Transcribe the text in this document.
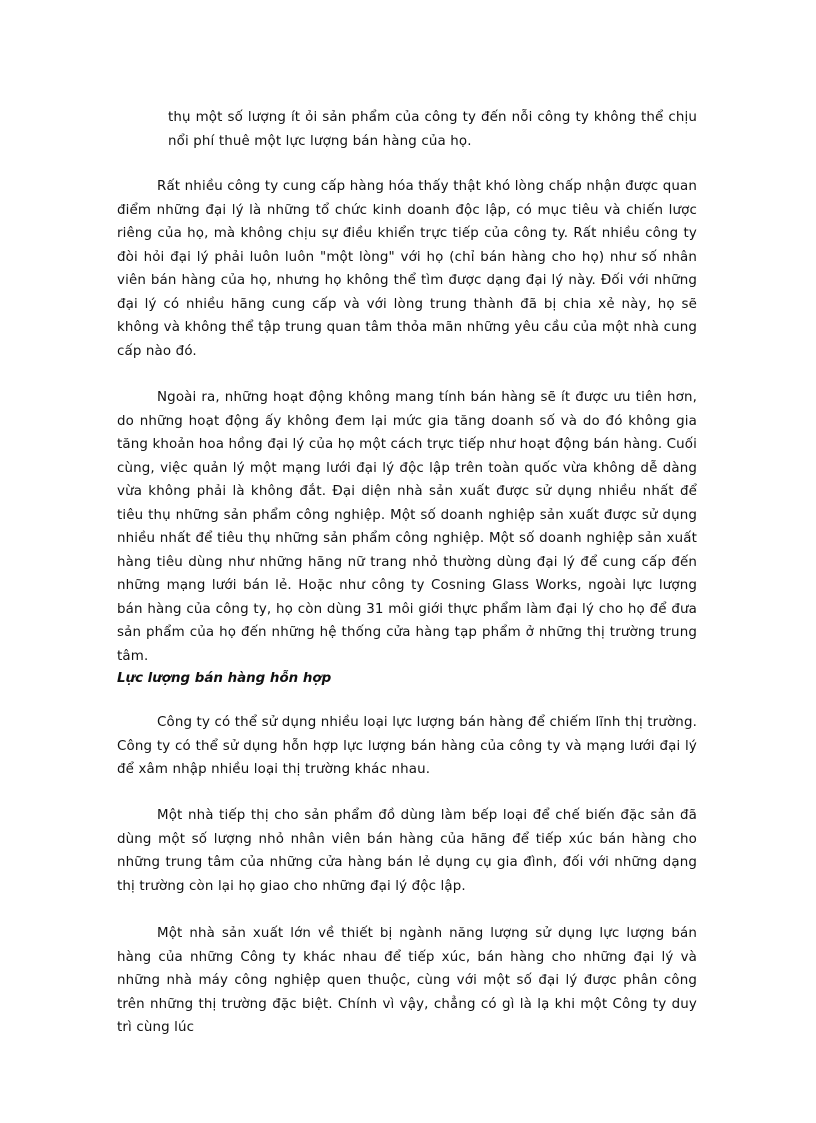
thụ một số lượng ít ỏi sản phẩm của công ty đến nỗi công ty không thể chịu nổi phí thuê một lực lượng bán hàng của họ.

Rất nhiều công ty cung cấp hàng hóa thấy thật khó lòng chấp nhận được quan điểm những đại lý là những tổ chức kinh doanh độc lập, có mục tiêu và chiến lược riêng của họ, mà không chịu sự điều khiển trực tiếp của công ty. Rất nhiều công ty đòi hỏi đại lý phải luôn luôn "một lòng" với họ (chỉ bán hàng cho họ) như số nhân viên bán hàng của họ, nhưng họ không thể tìm được dạng đại lý này. Đối với những đại lý có nhiều hãng cung cấp và với lòng trung thành đã bị chia xẻ này, họ sẽ không và không thể tập trung quan tâm thỏa mãn những yêu cầu của một nhà cung cấp nào đó.

Ngoài ra, những hoạt động không mang tính bán hàng sẽ ít được ưu tiên hơn, do những hoạt động ấy không đem lại mức gia tăng doanh số và do đó không gia tăng khoản hoa hồng đại lý của họ một cách trực tiếp như hoạt động bán hàng. Cuối cùng, việc quản lý một mạng lưới đại lý độc lập trên toàn quốc vừa không dễ dàng vừa không phải là không đắt. Đại diện nhà sản xuất được sử dụng nhiều nhất để tiêu thụ những sản phẩm công nghiệp. Một số doanh nghiệp sản xuất được sử dụng nhiều nhất để tiêu thụ những sản phẩm công nghiệp. Một số doanh nghiệp sản xuất hàng tiêu dùng như những hãng nữ trang nhỏ thường dùng đại lý để cung cấp đến những mạng lưới bán lẻ. Hoặc như công ty Cosning Glass Works, ngoài lực lượng bán hàng của công ty, họ còn dùng 31 môi giới thực phẩm làm đại lý cho họ để đưa sản phẩm của họ đến những hệ thống cửa hàng tạp phẩm ở những thị trường trung tâm.

Lực lượng bán hàng hỗn hợp

Công ty có thể sử dụng nhiều loại lực lượng bán hàng để chiếm lĩnh thị trường. Công ty có thể sử dụng hỗn hợp lực lượng bán hàng của công ty và mạng lưới đại lý để xâm nhập nhiều loại thị trường khác nhau.

Một nhà tiếp thị cho sản phẩm đồ dùng làm bếp loại để chế biến đặc sản đã dùng một số lượng nhỏ nhân viên bán hàng của hãng để tiếp xúc bán hàng cho những trung tâm của những cửa hàng bán lẻ dụng cụ gia đình, đối với những dạng thị trường còn lại họ giao cho những đại lý độc lập.

Một nhà sản xuất lớn về thiết bị ngành năng lượng sử dụng lực lượng bán hàng của những Công ty khác nhau để tiếp xúc, bán hàng cho những đại lý và những nhà máy công nghiệp quen thuộc, cùng với một số đại lý được phân công trên những thị trường đặc biệt. Chính vì vậy, chẳng có gì là lạ khi một Công ty duy trì cùng lúc
